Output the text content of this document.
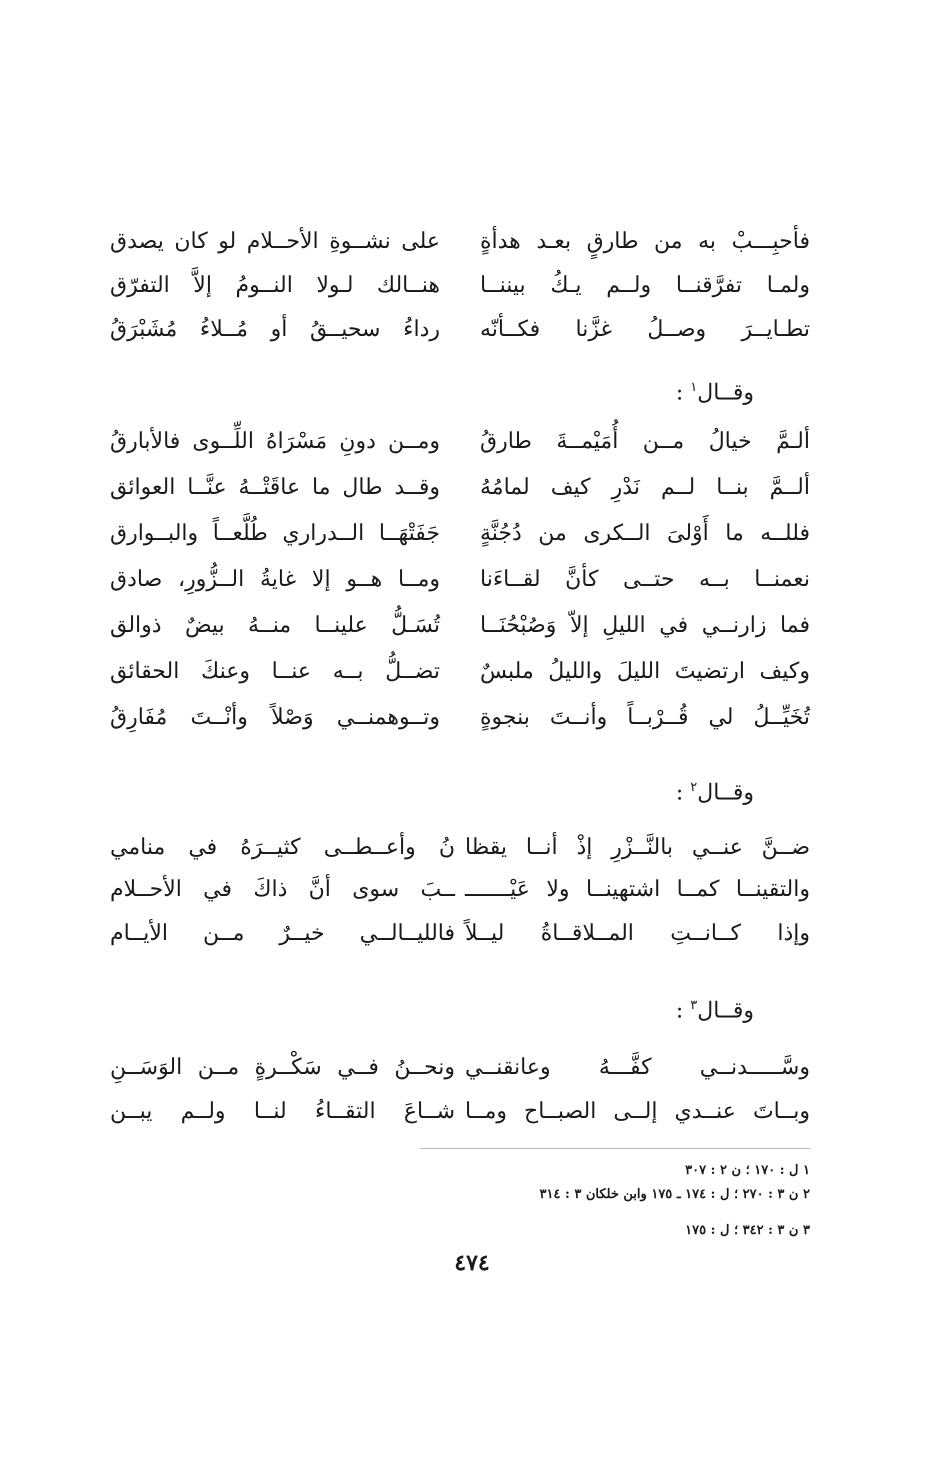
فأحبِـــبْ به من طارقٍ بعـد هدأةٍ
على نشــوةِ الأحــلام لو كان يصدق
ولمـا تفرَّقنــا ولــم يـكُ بيننــا
هنــالك لـولا النــومُ إلاَّ التفرّق
تطـايــرَ وصــلُ غزَّنا فكــأنّه
رداءُ سحيــقُ أو مُــلاءُ مُشَبْرَقُ
وقــال$^١$ :
ألـمَّ خيالُ مــن أُمَيْمــةَ طارقُ
ومــن دونِ مَسْرَاهُ اللِّــوى فالأبارقُ
ألــمَّ بنــا لــم نَدْرِ كيف لمامُهُ
وقــد طال ما عاقَتْــهُ عنَّــا العوائق
فللــه ما أَوْلىَ الــكرى من دُجُنَّةٍ
جَفَتْهَــا الــدراري طُلَّعــاً والبــوارق
نعمنــا بــه حتــى كأنَّ لقــاءَنا
ومــا هــو إلا غايةُ الــزُّورِ، صادق
فما زارنــي في الليلِ إلاّ وَصُبْحُنَــا
تُسَـلُّ علينــا منــهُ بيضٌ ذوالق
وكيف ارتضيتَ الليلَ والليلُ ملبسٌ
تضــلُّ بــه عنــا وعنكَ الحقائق
تُخَيِّــلُ لي قُــرْبــاً وأنــتَ بنجوةٍ
وتــوهمنــي وَصْلاً وأنْــتَ مُفَارِقُ
وقــال$^٢$ :
ضــنَّ عنــي بالنَّــزْرِ إذْ أنــا يقظا
نُ وأعــطــى كثيــرَهُ في منامي
والتقينــا كمــا اشتهينــا ولا عَيْـــــــ
ــبَ سوى أنَّ ذاكَ في الأحــلام
وإذا كــانــتِ المــلاقــاةُ ليــلاً
فالليــالــي خيــرٌ مــن الأيــام
وقــال$^٣$ :
وسَّـــــدنــي كفَّـــهُ وعانقنــي
ونحــنُ فــي سَكْــرةٍ مــن الوَسَــنِ
وبــاتَ عنــدي إلــى الصبــاح ومــا
شــاعَ التقــاءُ لنــا ولــم يبــن
١ ل : ١٧٠ ؛ ن ٢ : ٣٠٧
٢ ن ٣ : ٢٧٠ ؛ ل : ١٧٤ ـ ١٧٥ وابن خلكان ٣ : ٣١٤
٣ ن ٣ : ٣٤٢ ؛ ل : ١٧٥
٤٧٤
